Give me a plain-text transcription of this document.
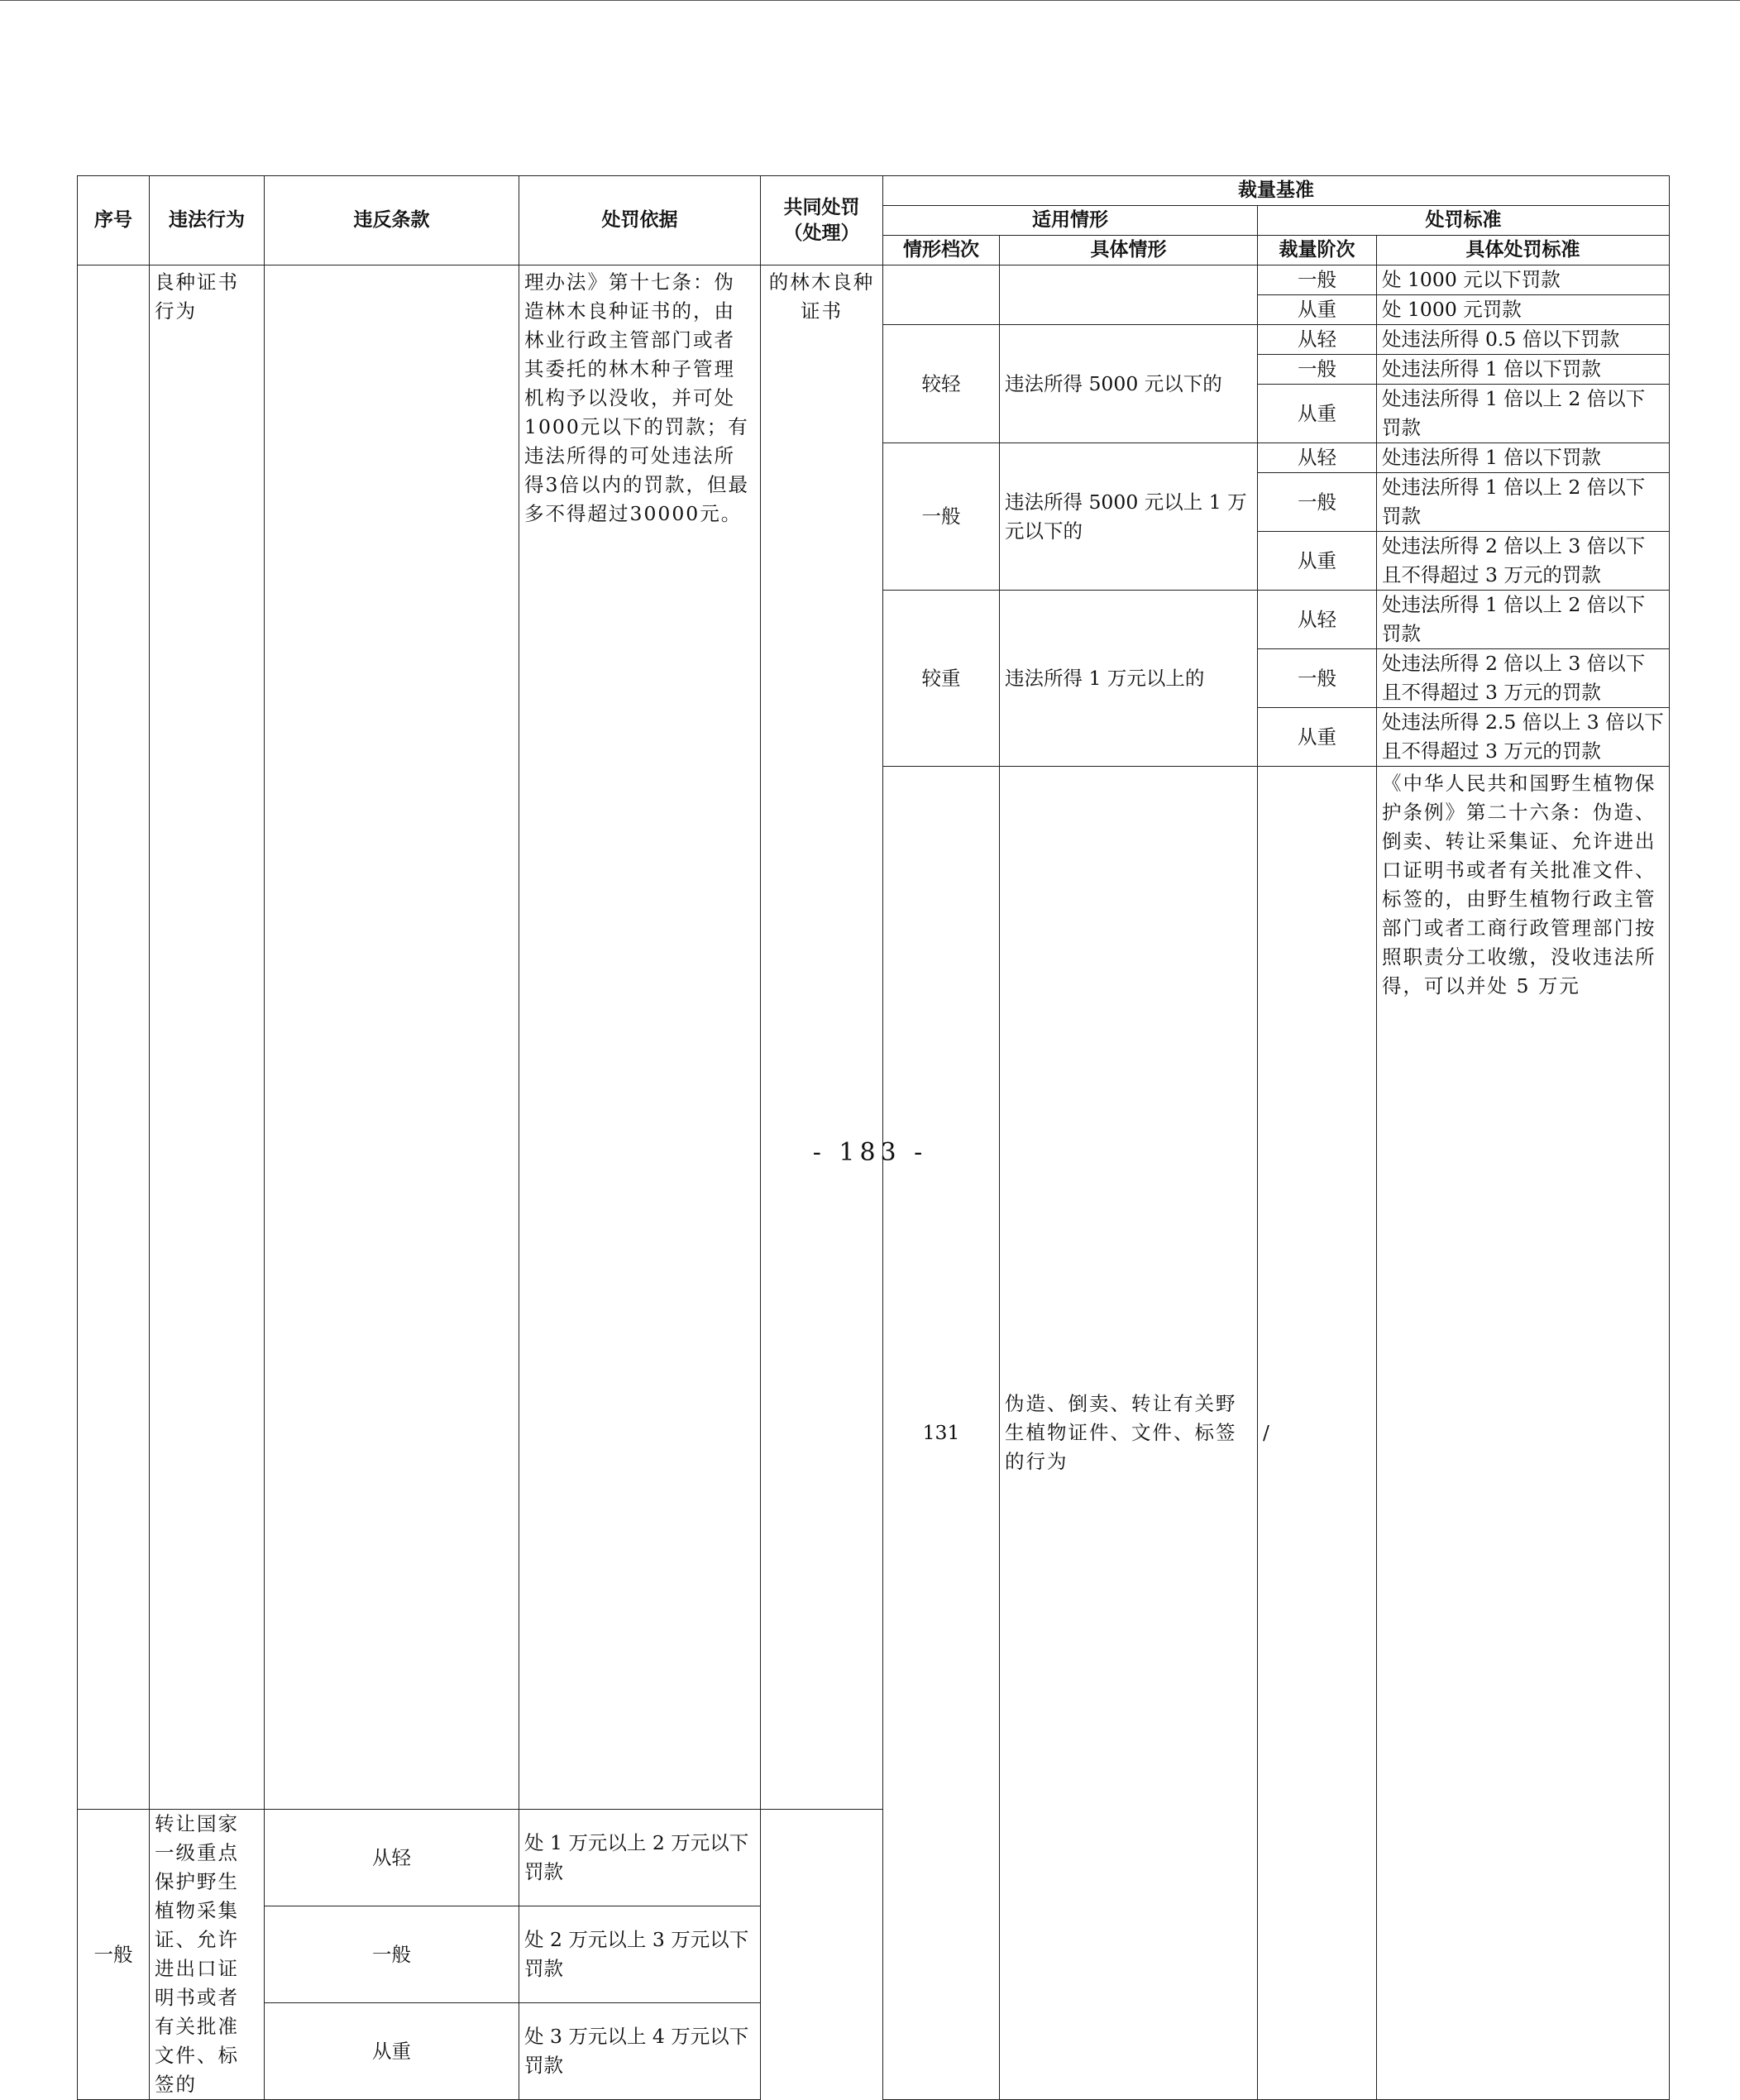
序号	违法行为	违反条款	处罚依据	共同处罚（处理）	裁量基准				
					适用情形		处罚标准		
					情形档次	具体情形	裁量阶次	具体处罚标准	
	良种证书行为		理办法》第十七条：伪造林木良种证书的，由林业行政主管部门或者其委托的林木种子管理机构予以没收，并可处1000元以下的罚款；有违法所得的可处违法所得3倍以内的罚款，但最多不得超过30000元。	的林木良种证书			一般	处 1000 元以下罚款	
							从重	处 1000 元罚款	
					较轻	违法所得 5000 元以下的	从轻	处违法所得 0.5 倍以下罚款	
							一般	处违法所得 1 倍以下罚款	
							从重	处违法所得 1 倍以上 2 倍以下罚款	
					一般	违法所得 5000 元以上 1 万元以下的	从轻	处违法所得 1 倍以下罚款	
							一般	处违法所得 1 倍以上 2 倍以下罚款	
							从重	处违法所得 2 倍以上 3 倍以下且不得超过 3 万元的罚款	
					较重	违法所得 1 万元以上的	从轻	处违法所得 1 倍以上 2 倍以下罚款	
							一般	处违法所得 2 倍以上 3 倍以下且不得超过 3 万元的罚款	
							从重	处违法所得 2.5 倍以上 3 倍以下且不得超过 3 万元的罚款	
					131	伪造、倒卖、转让有关野生植物证件、文件、标签的行为	/	《中华人民共和国野生植物保护条例》第二十六条：伪造、倒卖、转让采集证、允许进出口证明书或者有关批准文件、标签的，由野生植物行政主管部门或者工商行政管理部门按照职责分工收缴，没收违法所得，可以并处 5 万元					

一般	转让国家一级重点保护野生植物采集证、允许进出口证明书或者有关批准文件、标签的	从轻	处 1 万元以上 2 万元以下罚款						
		一般	处 2 万元以上 3 万元以下罚款						
		从重	处 3 万元以上 4 万元以下罚款						
- 183 -
